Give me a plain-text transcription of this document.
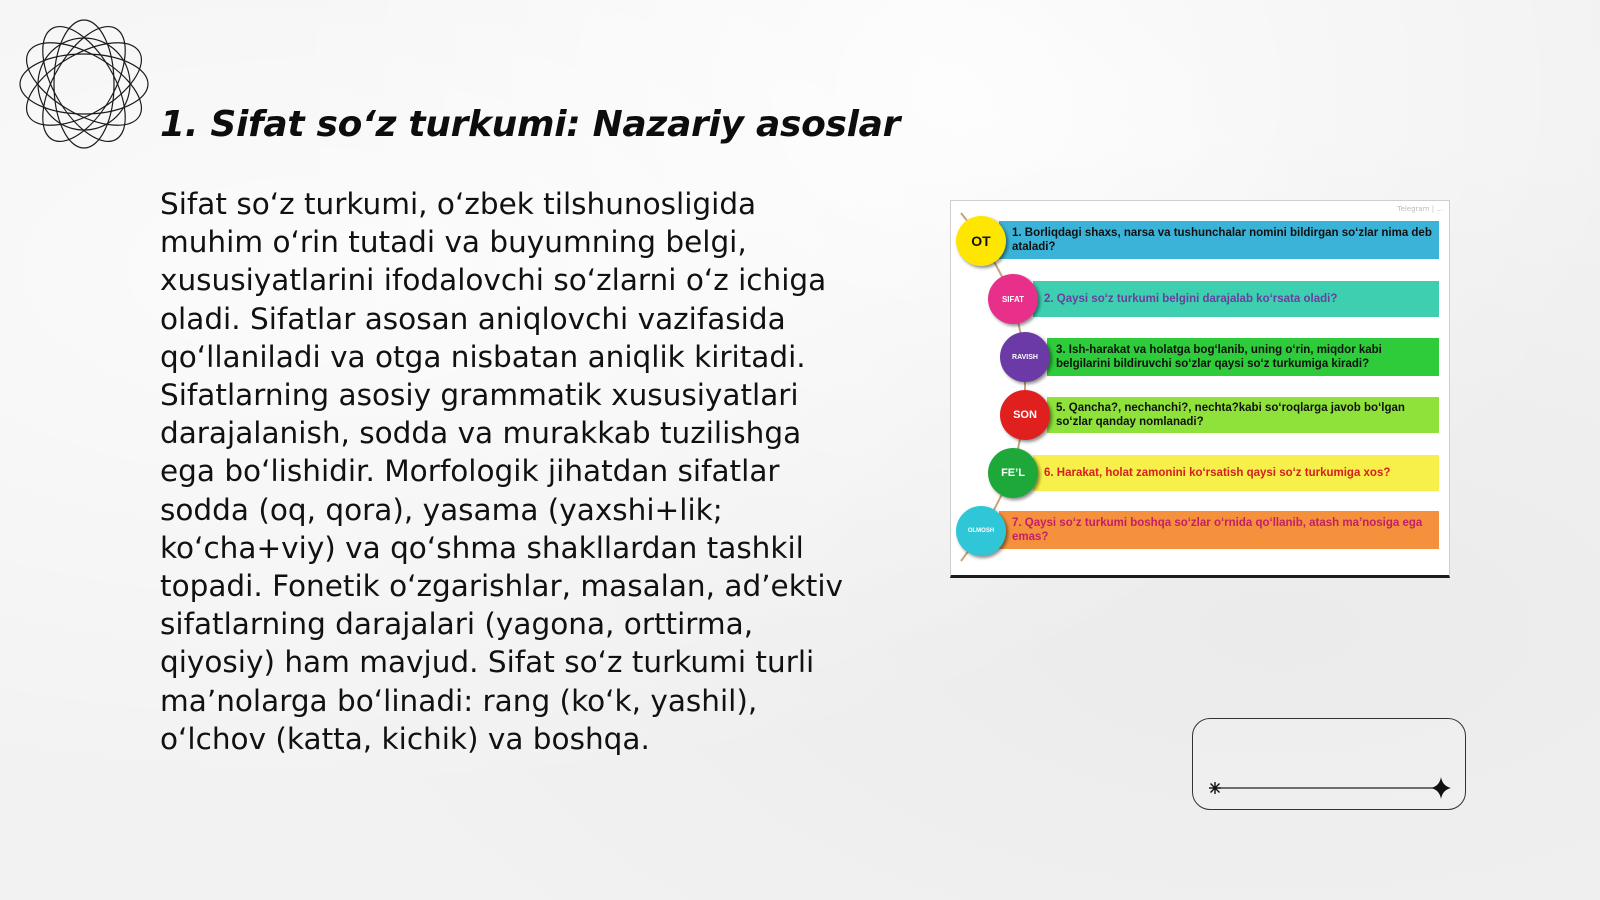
1. Sifat so‘z turkumi: Nazariy asoslar
Sifat so‘z turkumi, o‘zbek tilshunosligida muhim o‘rin tutadi va buyumning belgi, xususiyatlarini ifodalovchi so‘zlarni o‘z ichiga oladi. Sifatlar asosan aniqlovchi vazifasida qo‘llaniladi va otga nisbatan aniqlik kiritadi. Sifatlarning asosiy grammatik xususiyatlari darajalanish, sodda va murakkab tuzilishga ega bo‘lishidir. Morfologik jihatdan sifatlar sodda (oq, qora), yasama (yaxshi+lik; ko‘cha+viy) va qo‘shma shakllardan tashkil topadi. Fonetik o‘zgarishlar, masalan, ad’ektiv sifatlarning darajalari (yagona, orttirma, qiyosiy) ham mavjud. Sifat so‘z turkumi turli ma’nolarga bo‘linadi: rang (ko‘k, yashil), o‘lchov (katta, kichik) va boshqa.
Telegram | ...
1. Borliqdagi shaxs, narsa va tushunchalar nomini bildirgan so‘zlar nima deb ataladi?
OT
2. Qaysi so‘z turkumi belgini darajalab ko‘rsata oladi?
SIFAT
3. Ish-harakat va holatga bog‘lanib, uning o‘rin, miqdor kabi belgilarini bildiruvchi so‘zlar qaysi so‘z turkumiga kiradi?
RAVISH
5. Qancha?, nechanchi?, nechta?kabi so‘roqlarga javob bo‘lgan so‘zlar qanday nomlanadi?
SON
6. Harakat, holat zamonini ko‘rsatish qaysi so‘z turkumiga xos?
FE’L
7. Qaysi so‘z turkumi boshqa so‘zlar o‘rnida qo‘llanib, atash ma’nosiga ega emas?
OLMOSH
